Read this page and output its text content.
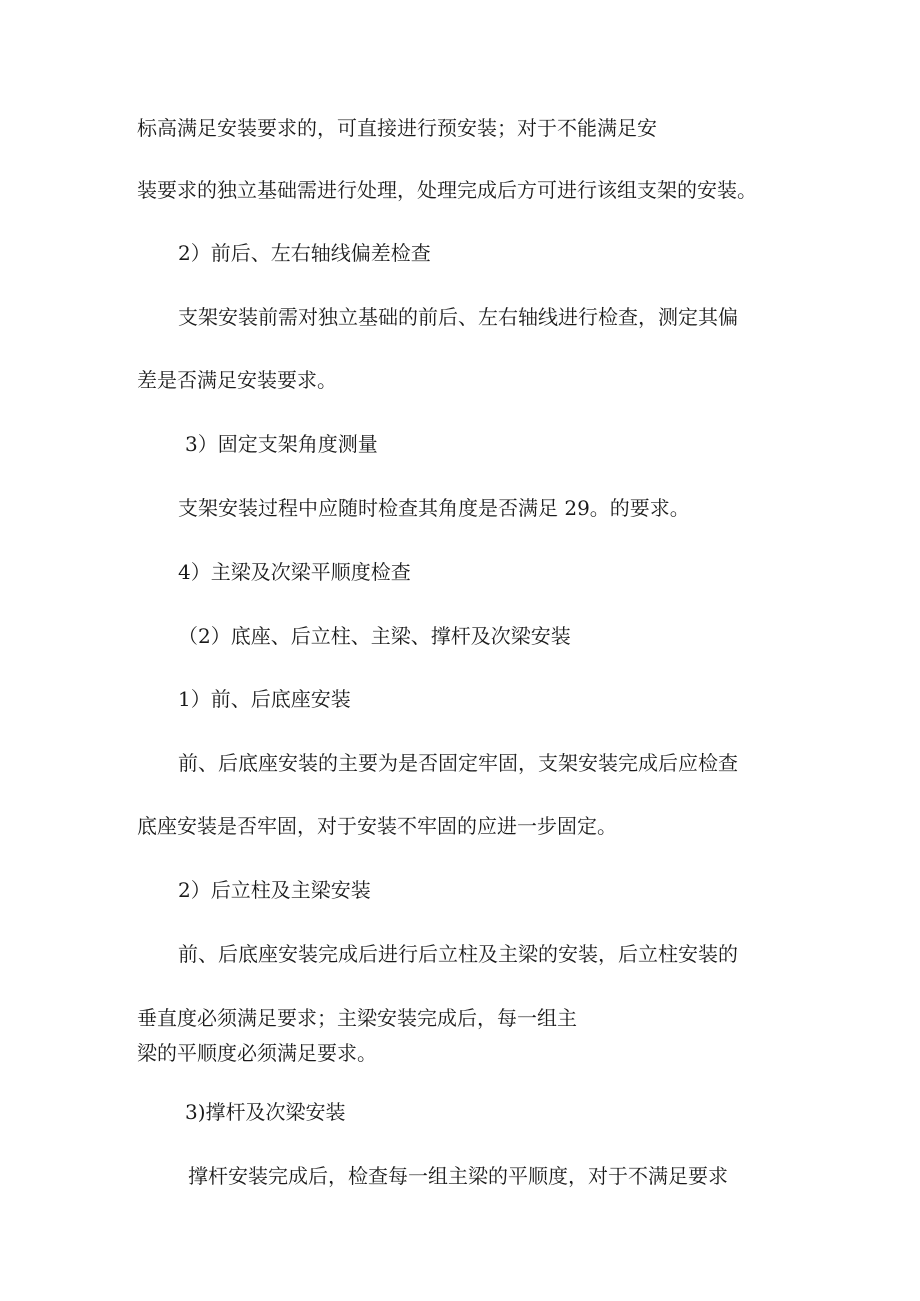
标高满足安装要求的，可直接进行预安装；对于不能满足安

装要求的独立基础需进行处理，处理完成后方可进行该组支架的安装。

2）前后、左右轴线偏差检查

支架安装前需对独立基础的前后、左右轴线进行检查，测定其偏

差是否满足安装要求。

3）固定支架角度测量

支架安装过程中应随时检查其角度是否满足 29。的要求。

4）主梁及次梁平顺度检查

（2）底座、后立柱、主梁、撑杆及次梁安装

1）前、后底座安装

前、后底座安装的主要为是否固定牢固，支架安装完成后应检查

底座安装是否牢固，对于安装不牢固的应进一步固定。

2）后立柱及主梁安装

前、后底座安装完成后进行后立柱及主梁的安装，后立柱安装的

垂直度必须满足要求；主梁安装完成后，每一组主

梁的平顺度必须满足要求。

3)撑杆及次梁安装

撑杆安装完成后，检查每一组主梁的平顺度，对于不满足要求
